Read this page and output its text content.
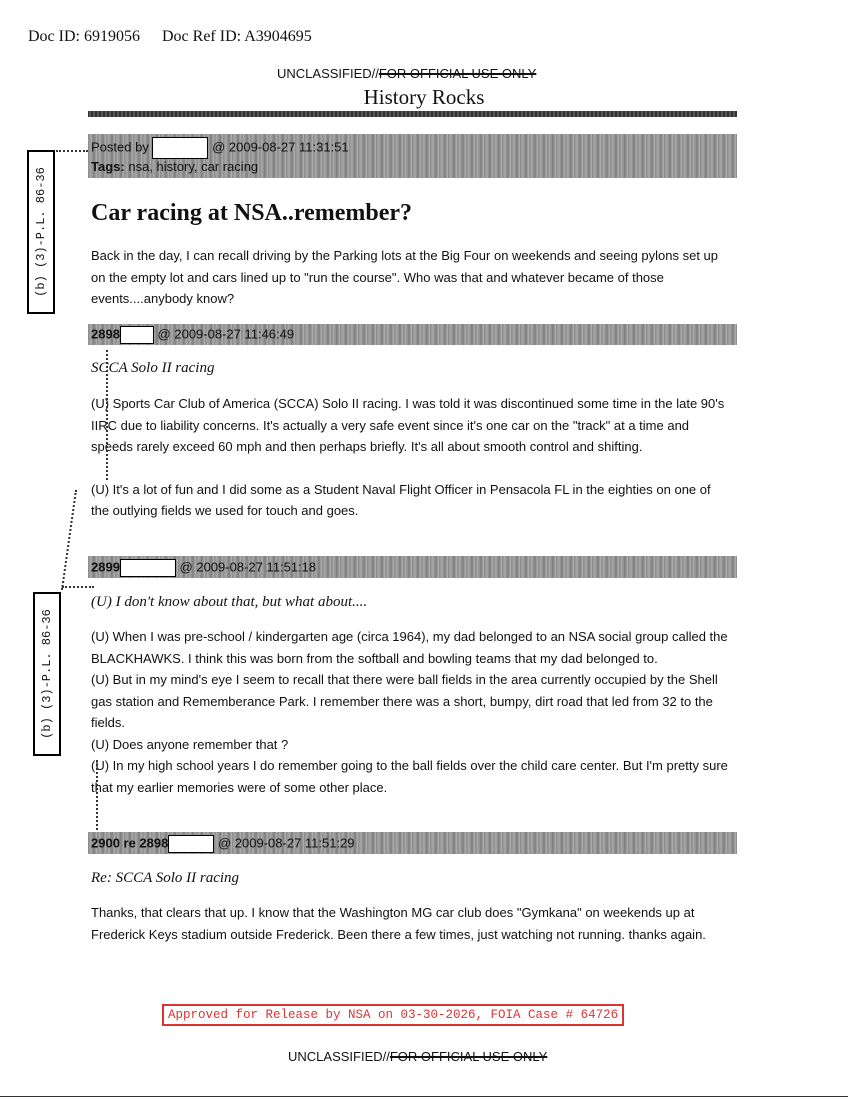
Doc ID: 6919056 Doc Ref ID: A3904695
UNCLASSIFIED//FOR OFFICIAL USE ONLY
History Rocks
Posted by	@ 2009-08-27 11:31:51
Tags: nsa, history, car racing
Car racing at NSA..remember?

Back in the day, I can recall driving by the Parking lots at the Big Four on weekends and seeing pylons set up on the empty lot and cars lined up to "run the course". Who was that and whatever became of those events....anybody know?

2898	@ 2009-08-27 11:46:49
SCCA Solo II racing

(U) Sports Car Club of America (SCCA) Solo II racing. I was told it was discontinued some time in the late 90's IIRC due to liability concerns. It's actually a very safe event since it's one car on the "track" at a time and speeds rarely exceed 60 mph and then perhaps briefly. It's all about smooth control and shifting.

(U) It's a lot of fun and I did some as a Student Naval Flight Officer in Pensacola FL in the eighties on one of the outlying fields we used for touch and goes.

2899	@ 2009-08-27 11:51:18
(U) I don't know about that, but what about....

(U) When I was pre-school / kindergarten age (circa 1964), my dad belonged to an NSA social group called the BLACKHAWKS. I think this was born from the softball and bowling teams that my dad belonged to.

(U) But in my mind's eye I seem to recall that there were ball fields in the area currently occupied by the Shell gas station and Rememberance Park. I remember there was a short, bumpy, dirt road that led from 32 to the fields.

(U) Does anyone remember that ?

(U) In my high school years I do remember going to the ball fields over the child care center. But I'm pretty sure that my earlier memories were of some other place.

2900 re 2898	@ 2009-08-27 11:51:29
Re: SCCA Solo II racing

Thanks, that clears that up. I know that the Washington MG car club does "Gymkana" on weekends up at Frederick Keys stadium outside Frederick. Been there a few times, just watching not running. thanks again.

(b) (3)-P.L. 86-36
(b) (3)-P.L. 86-36
Approved for Release by NSA on 03-30-2026, FOIA Case # 64726
UNCLASSIFIED//FOR OFFICIAL USE ONLY
